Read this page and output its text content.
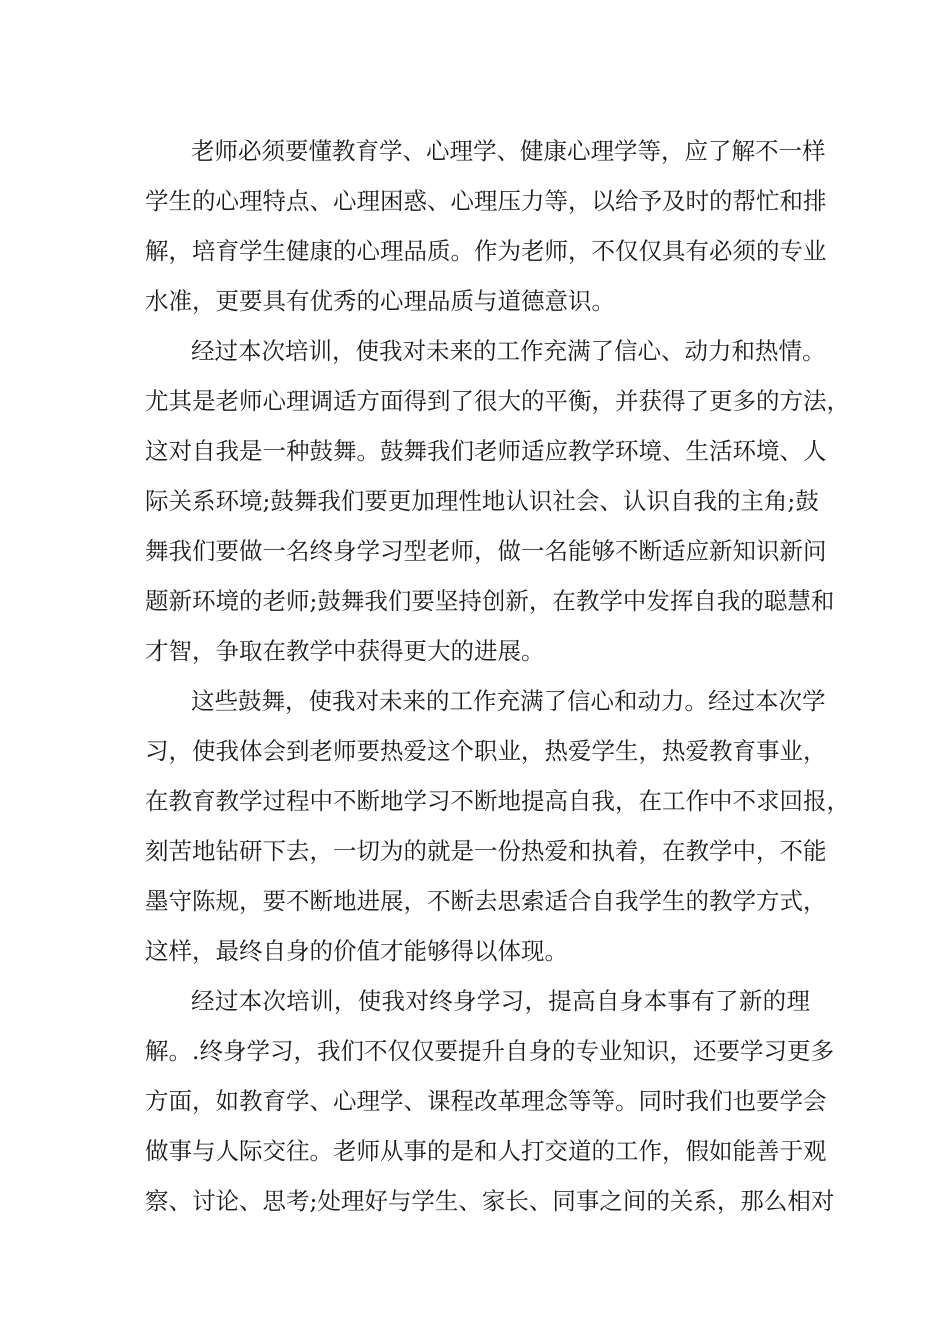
老师必须要懂教育学、心理学、健康心理学等，应了解不一样
学生的心理特点、心理困惑、心理压力等，以给予及时的帮忙和排
解，培育学生健康的心理品质。作为老师，不仅仅具有必须的专业
水准，更要具有优秀的心理品质与道德意识。
经过本次培训，使我对未来的工作充满了信心、动力和热情。
尤其是老师心理调适方面得到了很大的平衡，并获得了更多的方法，
这对自我是一种鼓舞。鼓舞我们老师适应教学环境、生活环境、人
际关系环境;鼓舞我们要更加理性地认识社会、认识自我的主角;鼓
舞我们要做一名终身学习型老师，做一名能够不断适应新知识新问
题新环境的老师;鼓舞我们要坚持创新，在教学中发挥自我的聪慧和
才智，争取在教学中获得更大的进展。
这些鼓舞，使我对未来的工作充满了信心和动力。经过本次学
习，使我体会到老师要热爱这个职业，热爱学生，热爱教育事业，
在教育教学过程中不断地学习不断地提高自我，在工作中不求回报，
刻苦地钻研下去，一切为的就是一份热爱和执着，在教学中，不能
墨守陈规，要不断地进展，不断去思索适合自我学生的教学方式，
这样，最终自身的价值才能够得以体现。
经过本次培训，使我对终身学习，提高自身本事有了新的理
解。.终身学习，我们不仅仅要提升自身的专业知识，还要学习更多
方面，如教育学、心理学、课程改革理念等等。同时我们也要学会
做事与人际交往。老师从事的是和人打交道的工作，假如能善于观
察、讨论、思考;处理好与学生、家长、同事之间的关系，那么相对
